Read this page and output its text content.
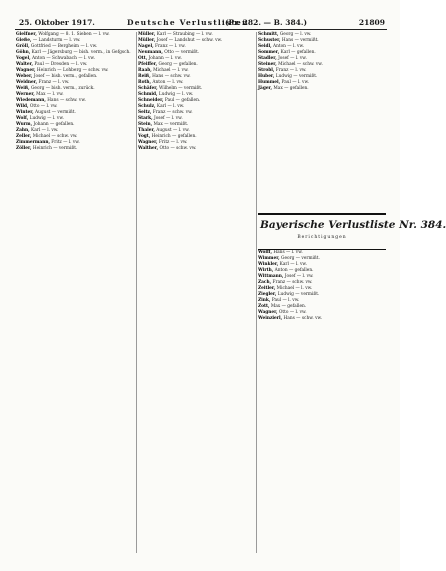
25. Oktober 1917.	Deutsche Verlustlisten
(Pr. 282. — B. 384.)	21809
Gielfner, Wolfgang — 8. 1. Sieben — l. vw.
Gieße, — Landsturm — l. vw.
Gröll, Gottfried — Bergheim — l. vw.
Göhn, Karl — Jägersburg — bish. verm., in Gefgsch.
Vogel, Anton — Schwabach — l. vw.
Walter, Paul — Dresden — l. vw.
Wagner, Heinrich — Lohberg — schw. vw.
Weber, Josef — bish. verm., gefallen.
Weidner, Franz — l. vw.
Weiß, Georg — bish. verm., zurück.
Werner, Max — l. vw.
Wiedemann, Hans — schw. vw.
Wild, Otto — l. vw.
Winter, August — vermißt.
Wolf, Ludwig — l. vw.
Wurm, Johann — gefallen.
Zahn, Karl — l. vw.
Zeller, Michael — schw. vw.
Zimmermann, Fritz — l. vw.
Zöller, Heinrich — vermißt.
Müller, Karl — Straubing — l. vw.
Müller, Josef — Landshut — schw. vw.
Nagel, Franz — l. vw.
Neumann, Otto — vermißt.
Ott, Johann — l. vw.
Pfeiffer, Georg — gefallen.
Raab, Michael — l. vw.
Reiß, Hans — schw. vw.
Roth, Anton — l. vw.
Schäfer, Wilhelm — vermißt.
Schmid, Ludwig — l. vw.
Schneider, Paul — gefallen.
Schulz, Karl — l. vw.
Seitz, Franz — schw. vw.
Stark, Josef — l. vw.
Stein, Max — vermißt.
Thaler, August — l. vw.
Vogt, Heinrich — gefallen.
Wagner, Fritz — l. vw.
Walther, Otto — schw. vw.
Schmitt, Georg — l. vw.
Schuster, Hans — vermißt.
Seidl, Anton — l. vw.
Sommer, Karl — gefallen.
Stadler, Josef — l. vw.
Steiner, Michael — schw. vw.
Strobl, Franz — l. vw.
Huber, Ludwig — vermißt.
Hummel, Paul — l. vw.
Jäger, Max — gefallen.
Wolff, Hans — l. vw.
Wimmer, Georg — vermißt.
Winkler, Karl — l. vw.
Wirth, Anton — gefallen.
Wittmann, Josef — l. vw.
Zach, Franz — schw. vw.
Zeitler, Michael — l. vw.
Ziegler, Ludwig — vermißt.
Zink, Paul — l. vw.
Zott, Max — gefallen.
Wagner, Otto — l. vw.
Weinzierl, Hans — schw. vw.
Bayerische Verlustliste Nr. 384.
Berichtigungen
